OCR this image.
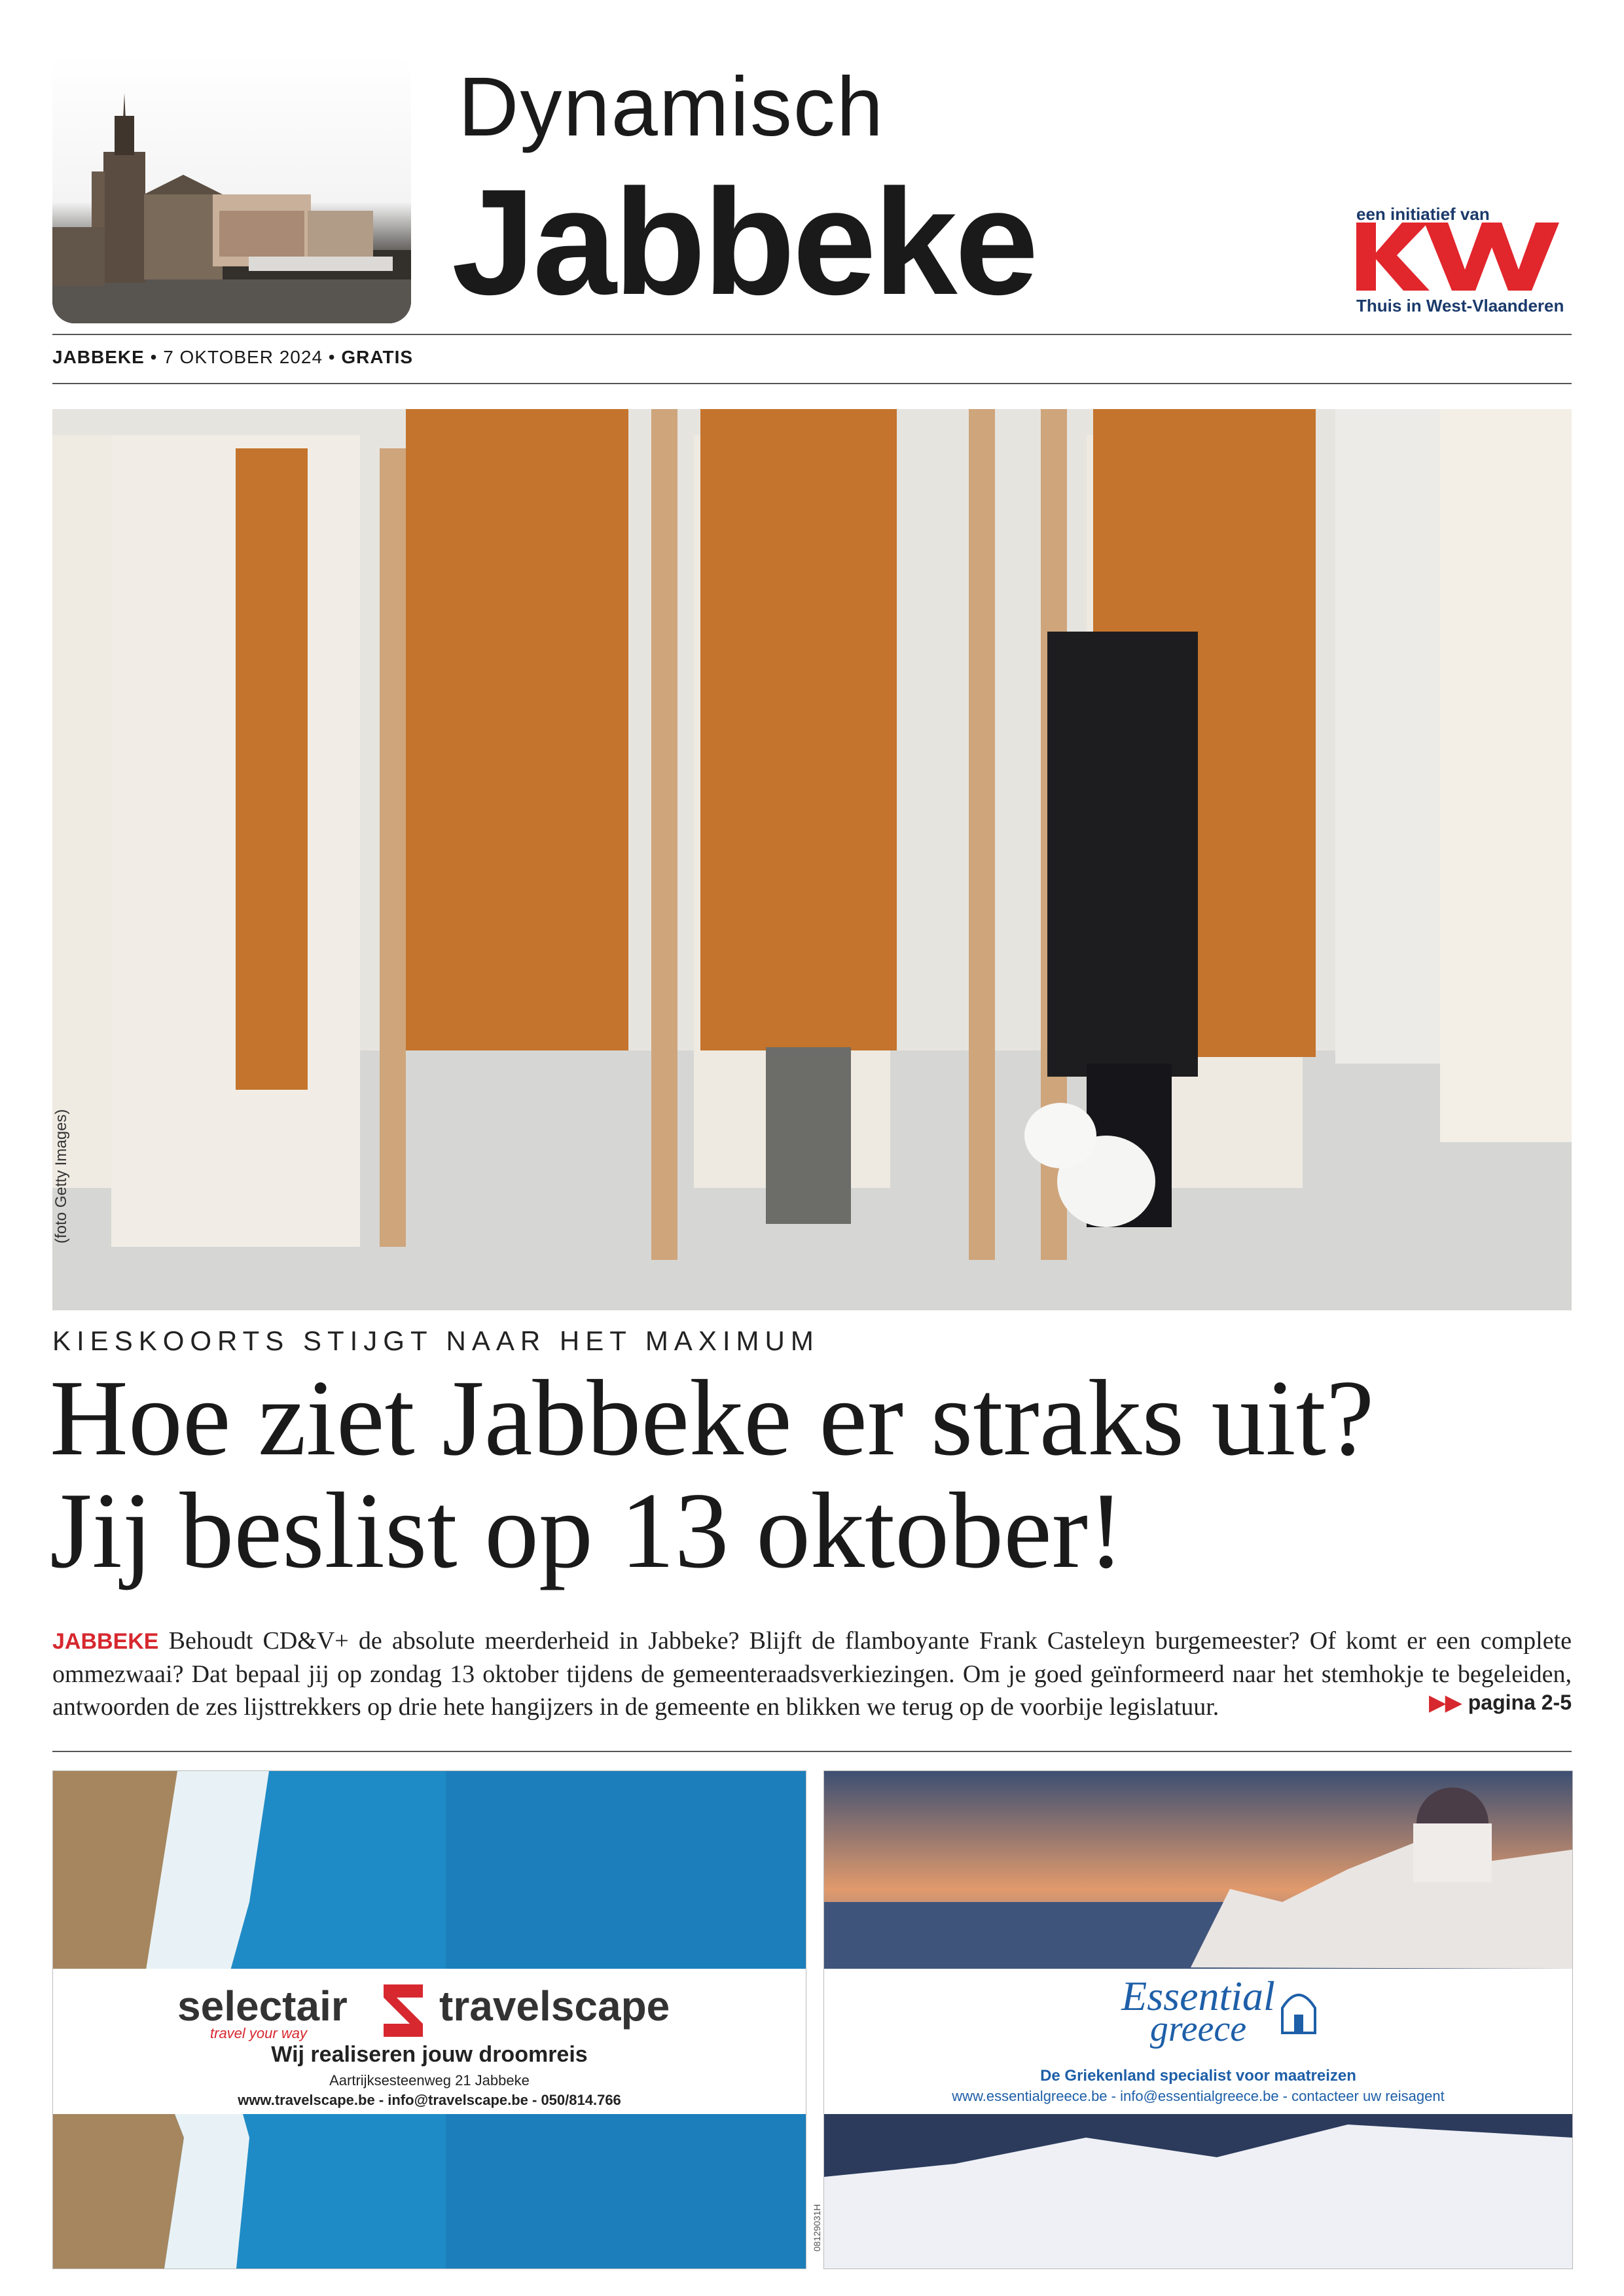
Dynamisch
Jabbeke	een initiatief van
Thuis in West-Vlaanderen
JABBEKE • 7 OKTOBER 2024 • GRATIS
KIESKOORTS STIJGT NAAR HET MAXIMUM
Hoe ziet Jabbeke er straks uit?
Jij beslist op 13 oktober!
JABBEKE Behoudt CD&V+ de absolute meerderheid in Jabbeke? Blijft de flamboyante Frank Casteleyn burgemeester? Of komt er een complete ommezwaai? Dat bepaal jij op zondag 13 oktober tijdens de gemeenteraadsverkiezingen. Om je goed geïnformeerd naar het stemhokje te begeleiden, antwoorden de zes lijsttrekkers op drie hete hangijzers in de gemeente en blikken we terug op de voorbije legislatuur.	▶▶ pagina 2-5
selectair
travel your way
travelscape
Wij realiseren jouw droomreis
Aartrijksesteenweg 21 Jabbeke
www.travelscape.be - info@travelscape.be - 050/814.766
Essential
greece
De Griekenland specialist voor maatreizen
www.essentialgreece.be - info@essentialgreece.be - contacteer uw reisagent
08129031H
